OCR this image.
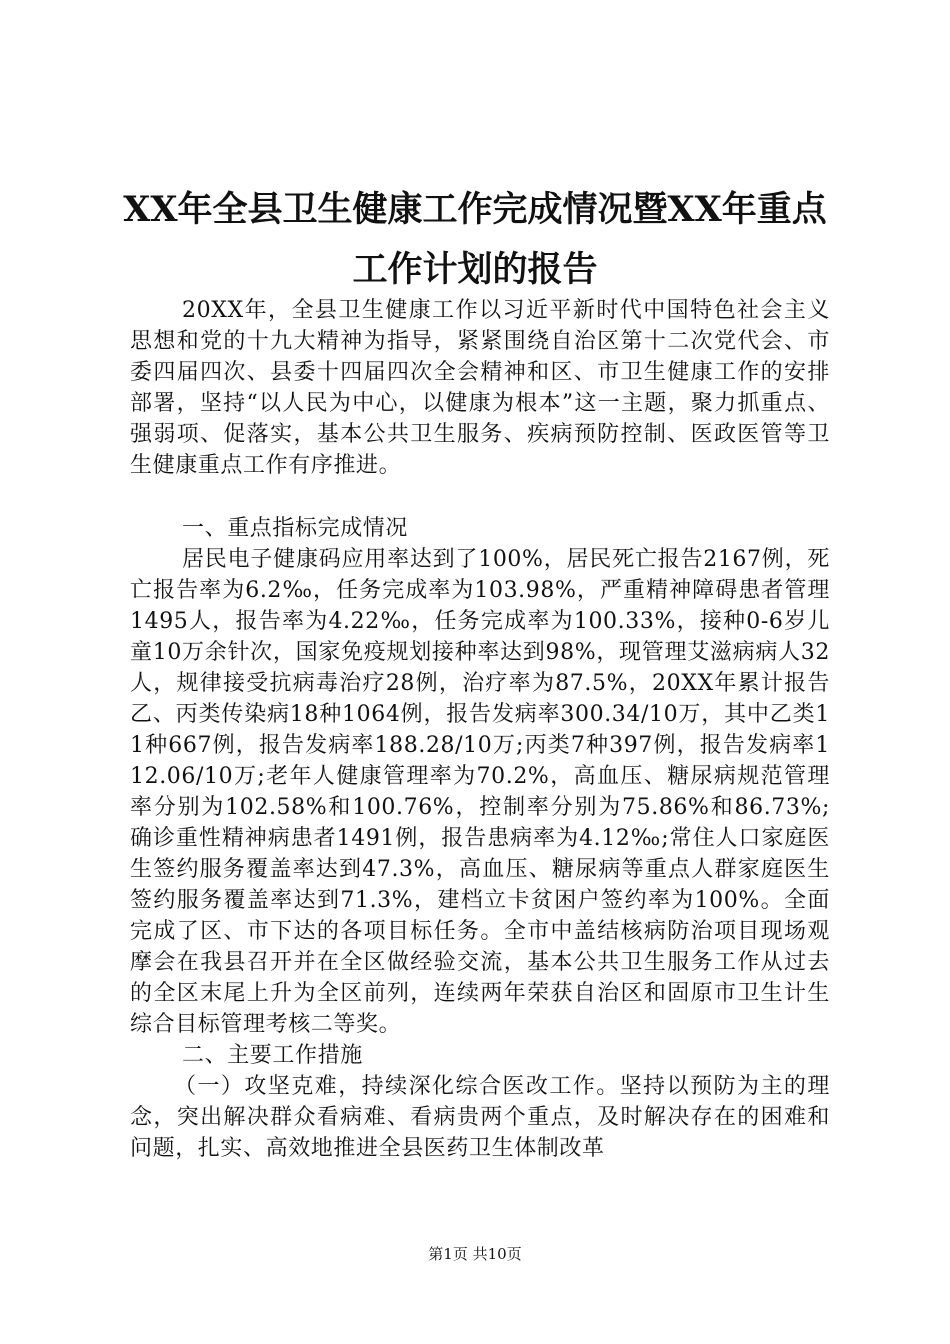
XX年全县卫生健康工作完成情况暨XX年重点
工作计划的报告

20XX年，全县卫生健康工作以习近平新时代中国特色社会主义思想和党的十九大精神为指导，紧紧围绕自治区第十二次党代会、市委四届四次、县委十四届四次全会精神和区、市卫生健康工作的安排部署，坚持“以人民为中心，以健康为根本”这一主题，聚力抓重点、强弱项、促落实，基本公共卫生服务、疾病预防控制、医政医管等卫生健康重点工作有序推进。

一、重点指标完成情况

居民电子健康码应用率达到了100%，居民死亡报告2167例，死亡报告率为6.2‰，任务完成率为103.98%，严重精神障碍患者管理1495人，报告率为4.22‰，任务完成率为100.33%，接种0-6岁儿童10万余针次，国家免疫规划接种率达到98%，现管理艾滋病病人32人，规律接受抗病毒治疗28例，治疗率为87.5%，20XX年累计报告乙、丙类传染病18种1064例，报告发病率300.34/10万，其中乙类11种667例，报告发病率188.28/10万;丙类7种397例，报告发病率112.06/10万;老年人健康管理率为70.2%，高血压、糖尿病规范管理率分别为102.58%和100.76%，控制率分别为75.86%和86.73%;确诊重性精神病患者1491例，报告患病率为4.12‰;常住人口家庭医生签约服务覆盖率达到47.3%，高血压、糖尿病等重点人群家庭医生签约服务覆盖率达到71.3%，建档立卡贫困户签约率为100%。全面完成了区、市下达的各项目标任务。全市中盖结核病防治项目现场观摩会在我县召开并在全区做经验交流，基本公共卫生服务工作从过去的全区末尾上升为全区前列，连续两年荣获自治区和固原市卫生计生综合目标管理考核二等奖。

二、主要工作措施

（一）攻坚克难，持续深化综合医改工作。坚持以预防为主的理念，突出解决群众看病难、看病贵两个重点，及时解决存在的困难和问题，扎实、高效地推进全县医药卫生体制改革

第1页 共10页
